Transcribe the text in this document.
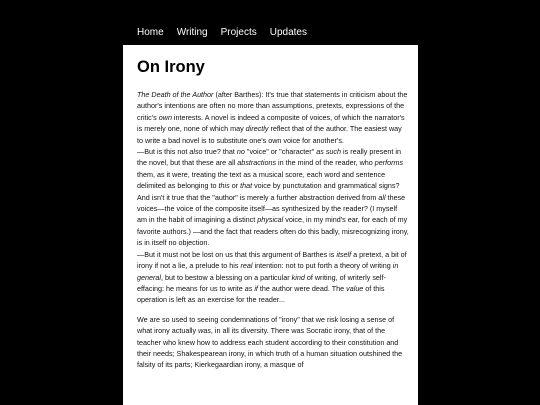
Home Writing Projects Updates
On Irony

The Death of the Author (after Barthes): It's true that statements in criticism about the author's intentions are often no more than assumptions, pretexts, expressions of the critic's own interests. A novel is indeed a composite of voices, of which the narrator's is merely one, none of which may directly reflect that of the author. The easiest way to write a bad novel is to substitute one's own voice for another's.
—But is this not also true? that no "voice" or "character" as such is really present in the novel, but that these are all abstractions in the mind of the reader, who performs them, as it were, treating the text as a musical score, each word and sentence delimited as belonging to this or that voice by punctutation and grammatical signs? And isn't it true that the "author" is merely a further abstraction derived from all these voices—the voice of the composite itself—as synthesized by the reader? (I myself am in the habit of imagining a distinct physical voice, in my mind's ear, for each of my favorite authors.) —and the fact that readers often do this badly, misrecognizing irony, is in itself no objection.
—But it must not be lost on us that this argument of Barthes is itself a pretext, a bit of irony if not a lie, a prelude to his real intention: not to put forth a theory of writing in general, but to bestow a blessing on a particular kind of writing, of writerly self-effacing: he means for us to write as if the author were dead. The value of this operation is left as an exercise for the reader...

We are so used to seeing condemnations of "irony" that we risk losing a sense of what irony actually was, in all its diversity. There was Socratic irony, that of the teacher who knew how to address each student according to their constitution and their needs; Shakespearean irony, in which truth of a human situation outshined the falsity of its parts; Kierkegaardian irony, a masque of
